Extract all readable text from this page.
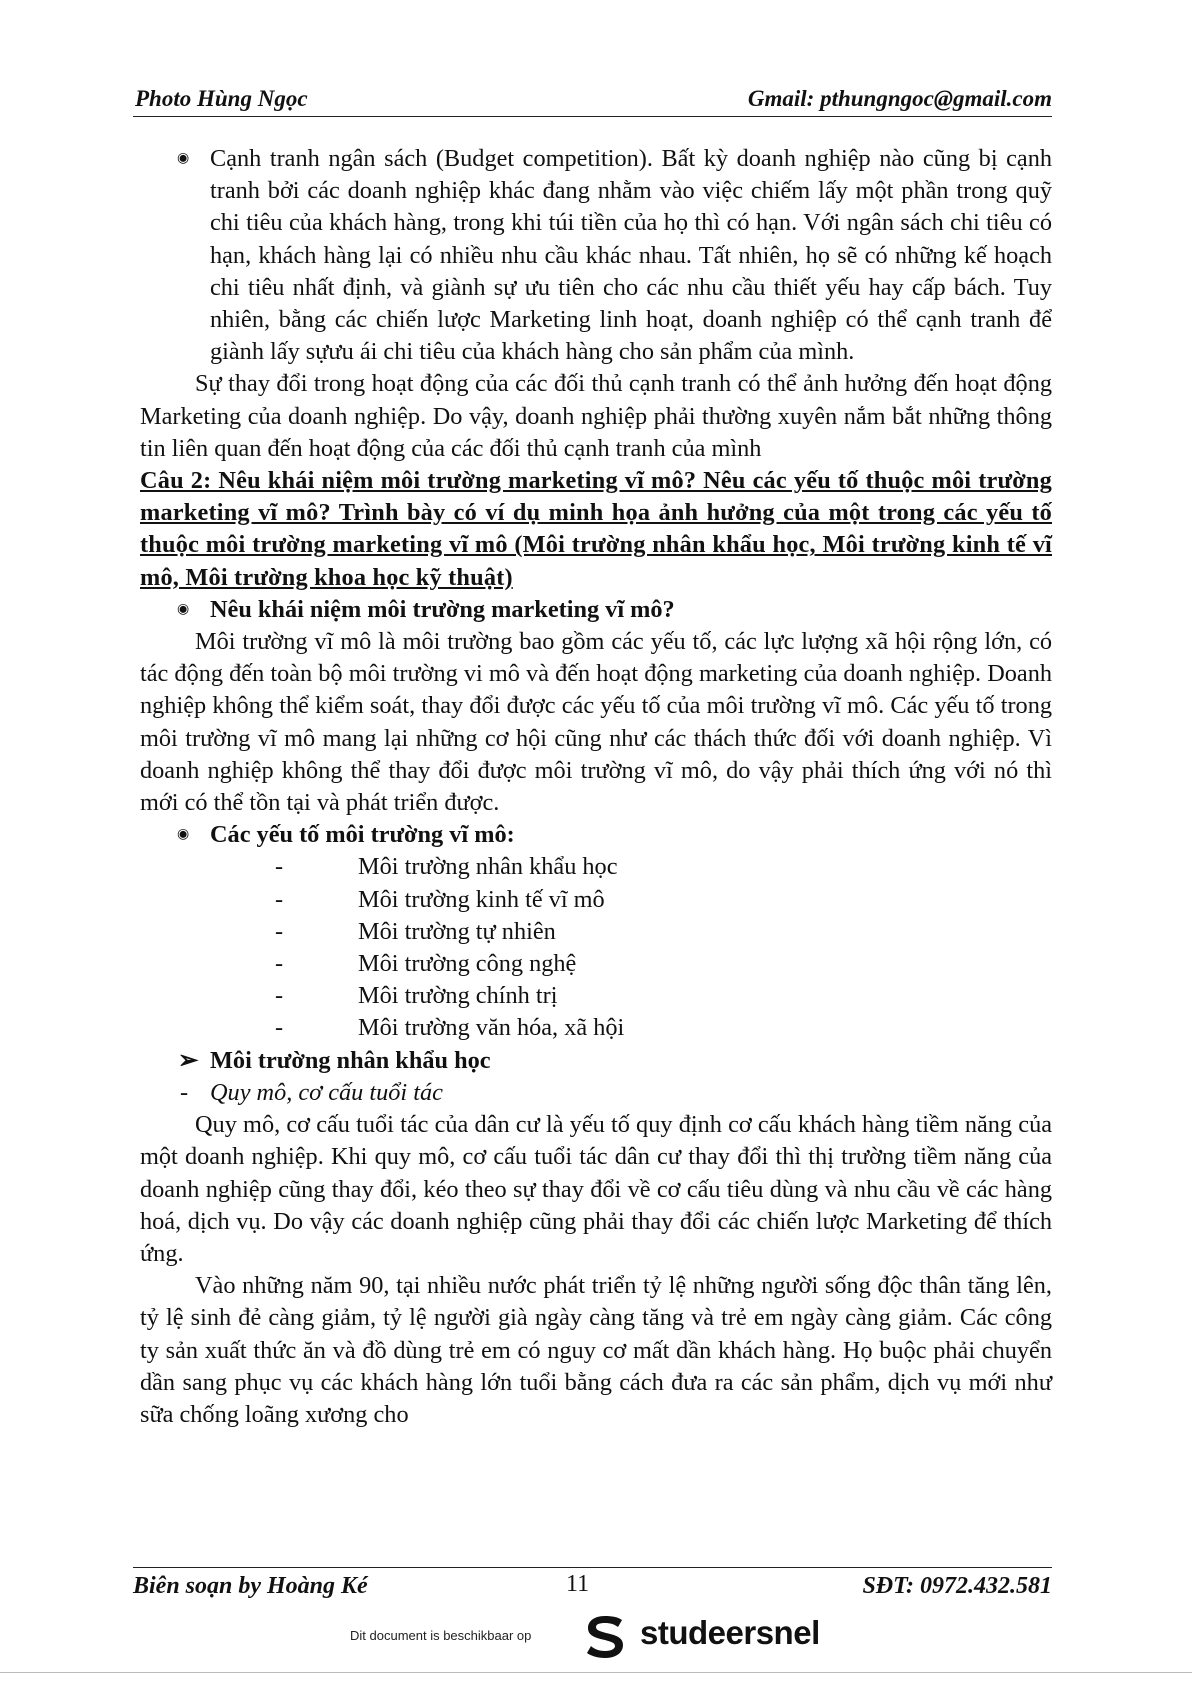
Photo Hùng Ngọc	Gmail: pthungngoc@gmail.com
◉ Cạnh tranh ngân sách (Budget competition). Bất kỳ doanh nghiệp nào cũng bị cạnh tranh bởi các doanh nghiệp khác đang nhằm vào việc chiếm lấy một phần trong quỹ chi tiêu của khách hàng, trong khi túi tiền của họ thì có hạn. Với ngân sách chi tiêu có hạn, khách hàng lại có nhiều nhu cầu khác nhau. Tất nhiên, họ sẽ có những kế hoạch chi tiêu nhất định, và giành sự ưu tiên cho các nhu cầu thiết yếu hay cấp bách. Tuy nhiên, bằng các chiến lược Marketing linh hoạt, doanh nghiệp có thể cạnh tranh để giành lấy sựưu ái chi tiêu của khách hàng cho sản phẩm của mình.

Sự thay đổi trong hoạt động của các đối thủ cạnh tranh có thể ảnh hưởng đến hoạt động Marketing của doanh nghiệp. Do vậy, doanh nghiệp phải thường xuyên nắm bắt những thông tin liên quan đến hoạt động của các đối thủ cạnh tranh của mình

Câu 2: Nêu khái niệm môi trường marketing vĩ mô? Nêu các yếu tố thuộc môi trường marketing vĩ mô? Trình bày có ví dụ minh họa ảnh hưởng của một trong các yếu tố thuộc môi trường marketing vĩ mô (Môi trường nhân khẩu học, Môi trường kinh tế vĩ mô, Môi trường khoa học kỹ thuật)

◉ Nêu khái niệm môi trường marketing vĩ mô?

Môi trường vĩ mô là môi trường bao gồm các yếu tố, các lực lượng xã hội rộng lớn, có tác động đến toàn bộ môi trường vi mô và đến hoạt động marketing của doanh nghiệp. Doanh nghiệp không thể kiểm soát, thay đổi được các yếu tố của môi trường vĩ mô. Các yếu tố trong môi trường vĩ mô mang lại những cơ hội cũng như các thách thức đối với doanh nghiệp. Vì doanh nghiệp không thể thay đổi được môi trường vĩ mô, do vậy phải thích ứng với nó thì mới có thể tồn tại và phát triển được.

◉ Các yếu tố môi trường vĩ mô:
-	Môi trường nhân khẩu học
-	Môi trường kinh tế vĩ mô
-	Môi trường tự nhiên
-	Môi trường công nghệ
-	Môi trường chính trị
-	Môi trường văn hóa, xã hội
➢ Môi trường nhân khẩu học
- Quy mô, cơ cấu tuổi tác

Quy mô, cơ cấu tuổi tác của dân cư là yếu tố quy định cơ cấu khách hàng tiềm năng của một doanh nghiệp. Khi quy mô, cơ cấu tuổi tác dân cư thay đổi thì thị trường tiềm năng của doanh nghiệp cũng thay đổi, kéo theo sự thay đổi về cơ cấu tiêu dùng và nhu cầu về các hàng hoá, dịch vụ. Do vậy các doanh nghiệp cũng phải thay đổi các chiến lược Marketing để thích ứng.

Vào những năm 90, tại nhiều nước phát triển tỷ lệ những người sống độc thân tăng lên, tỷ lệ sinh đẻ càng giảm, tỷ lệ người già ngày càng tăng và trẻ em ngày càng giảm. Các công ty sản xuất thức ăn và đồ dùng trẻ em có nguy cơ mất dần khách hàng. Họ buộc phải chuyển dần sang phục vụ các khách hàng lớn tuổi bằng cách đưa ra các sản phẩm, dịch vụ mới như sữa chống loãng xương cho

Biên soạn by Hoàng Ké	11	SĐT: 0972.432.581
Dit document is beschikbaar op	studeersnel
